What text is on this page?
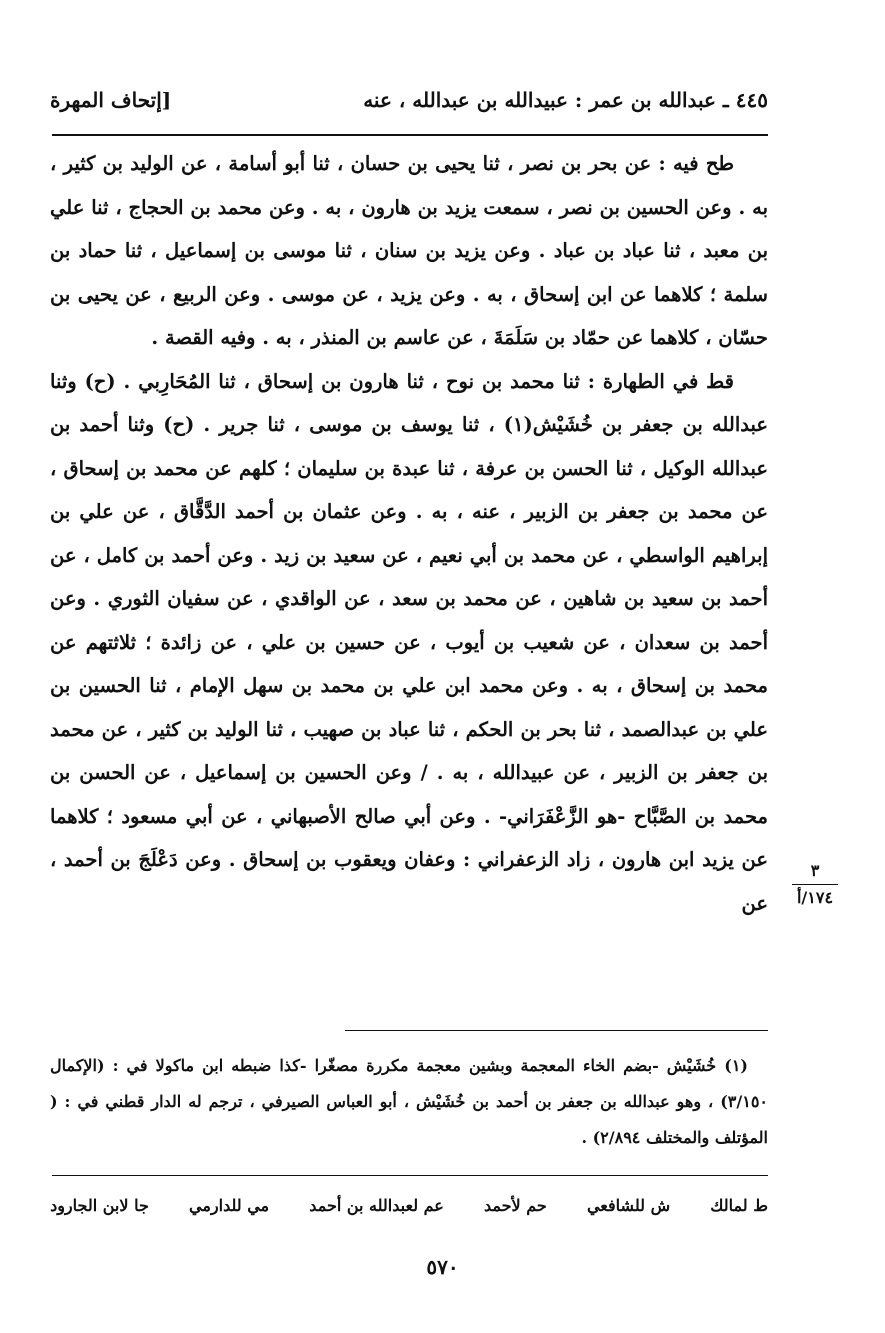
٤٤٥ ـ عبدالله بن عمر : عبيدالله بن عبدالله ، عنه
[إتحاف المهرة

طح فيه : عن بحر بن نصر ، ثنا يحيى بن حسان ، ثنا أبو أسامة ، عن الوليد بن كثير ، به . وعن الحسين بن نصر ، سمعت يزيد بن هارون ، به . وعن محمد بن الحجاج ، ثنا علي بن معبد ، ثنا عباد بن عباد . وعن يزيد بن سنان ، ثنا موسى بن إسماعيل ، ثنا حماد بن سلمة ؛ كلاهما عن ابن إسحاق ، به . وعن يزيد ، عن موسى . وعن الربيع ، عن يحيى بن حسّان ، كلاهما عن حمّاد بن سَلَمَةَ ، عن عاسم بن المنذر ، به . وفيه القصة .

قط في الطهارة : ثنا محمد بن نوح ، ثنا هارون بن إسحاق ، ثنا المُحَارِبي . (ح) وثنا عبدالله بن جعفر بن خُشَيْش(١) ، ثنا يوسف بن موسى ، ثنا جرير . (ح) وثنا أحمد بن عبدالله الوكيل ، ثنا الحسن بن عرفة ، ثنا عبدة بن سليمان ؛ كلهم عن محمد بن إسحاق ، عن محمد بن جعفر بن الزبير ، عنه ، به . وعن عثمان بن أحمد الدَّقَّاق ، عن علي بن إبراهيم الواسطي ، عن محمد بن أبي نعيم ، عن سعيد بن زيد . وعن أحمد بن كامل ، عن أحمد بن سعيد بن شاهين ، عن محمد بن سعد ، عن الواقدي ، عن سفيان الثوري . وعن أحمد بن سعدان ، عن شعيب بن أيوب ، عن حسين بن علي ، عن زائدة ؛ ثلاثتهم عن محمد بن إسحاق ، به . وعن محمد ابن علي بن محمد بن سهل الإمام ، ثنا الحسين بن علي بن عبدالصمد ، ثنا بحر بن الحكم ، ثنا عباد بن صهيب ، ثنا الوليد بن كثير ، عن محمد بن جعفر بن الزبير ، عن عبيدالله ، به . / وعن الحسين بن إسماعيل ، عن الحسن بن محمد بن الصَّبَّاح -هو الزَّعْفَرَاني- . وعن أبي صالح الأصبهاني ، عن أبي مسعود ؛ كلاهما عن يزيد ابن هارون ، زاد الزعفراني : وعفان ويعقوب بن إسحاق . وعن دَعْلَجَ بن أحمد ، عن

٣
١٧٤/أ

(١) خُشَيْش -بضم الخاء المعجمة وبشين معجمة مكررة مصغّرا -كذا ضبطه ابن ماكولا في : (الإكمال ٣/١٥٠) ، وهو عبدالله بن جعفر بن أحمد بن خُشَيْش ، أبو العباس الصيرفي ، ترجم له الدار قطني في : ( المؤتلف والمختلف ٢/٨٩٤) .

ط لمالك
ش للشافعي
حم لأحمد
عم لعبدالله بن أحمد
مي للدارمي
جا لابن الجارود
٥٧٠
